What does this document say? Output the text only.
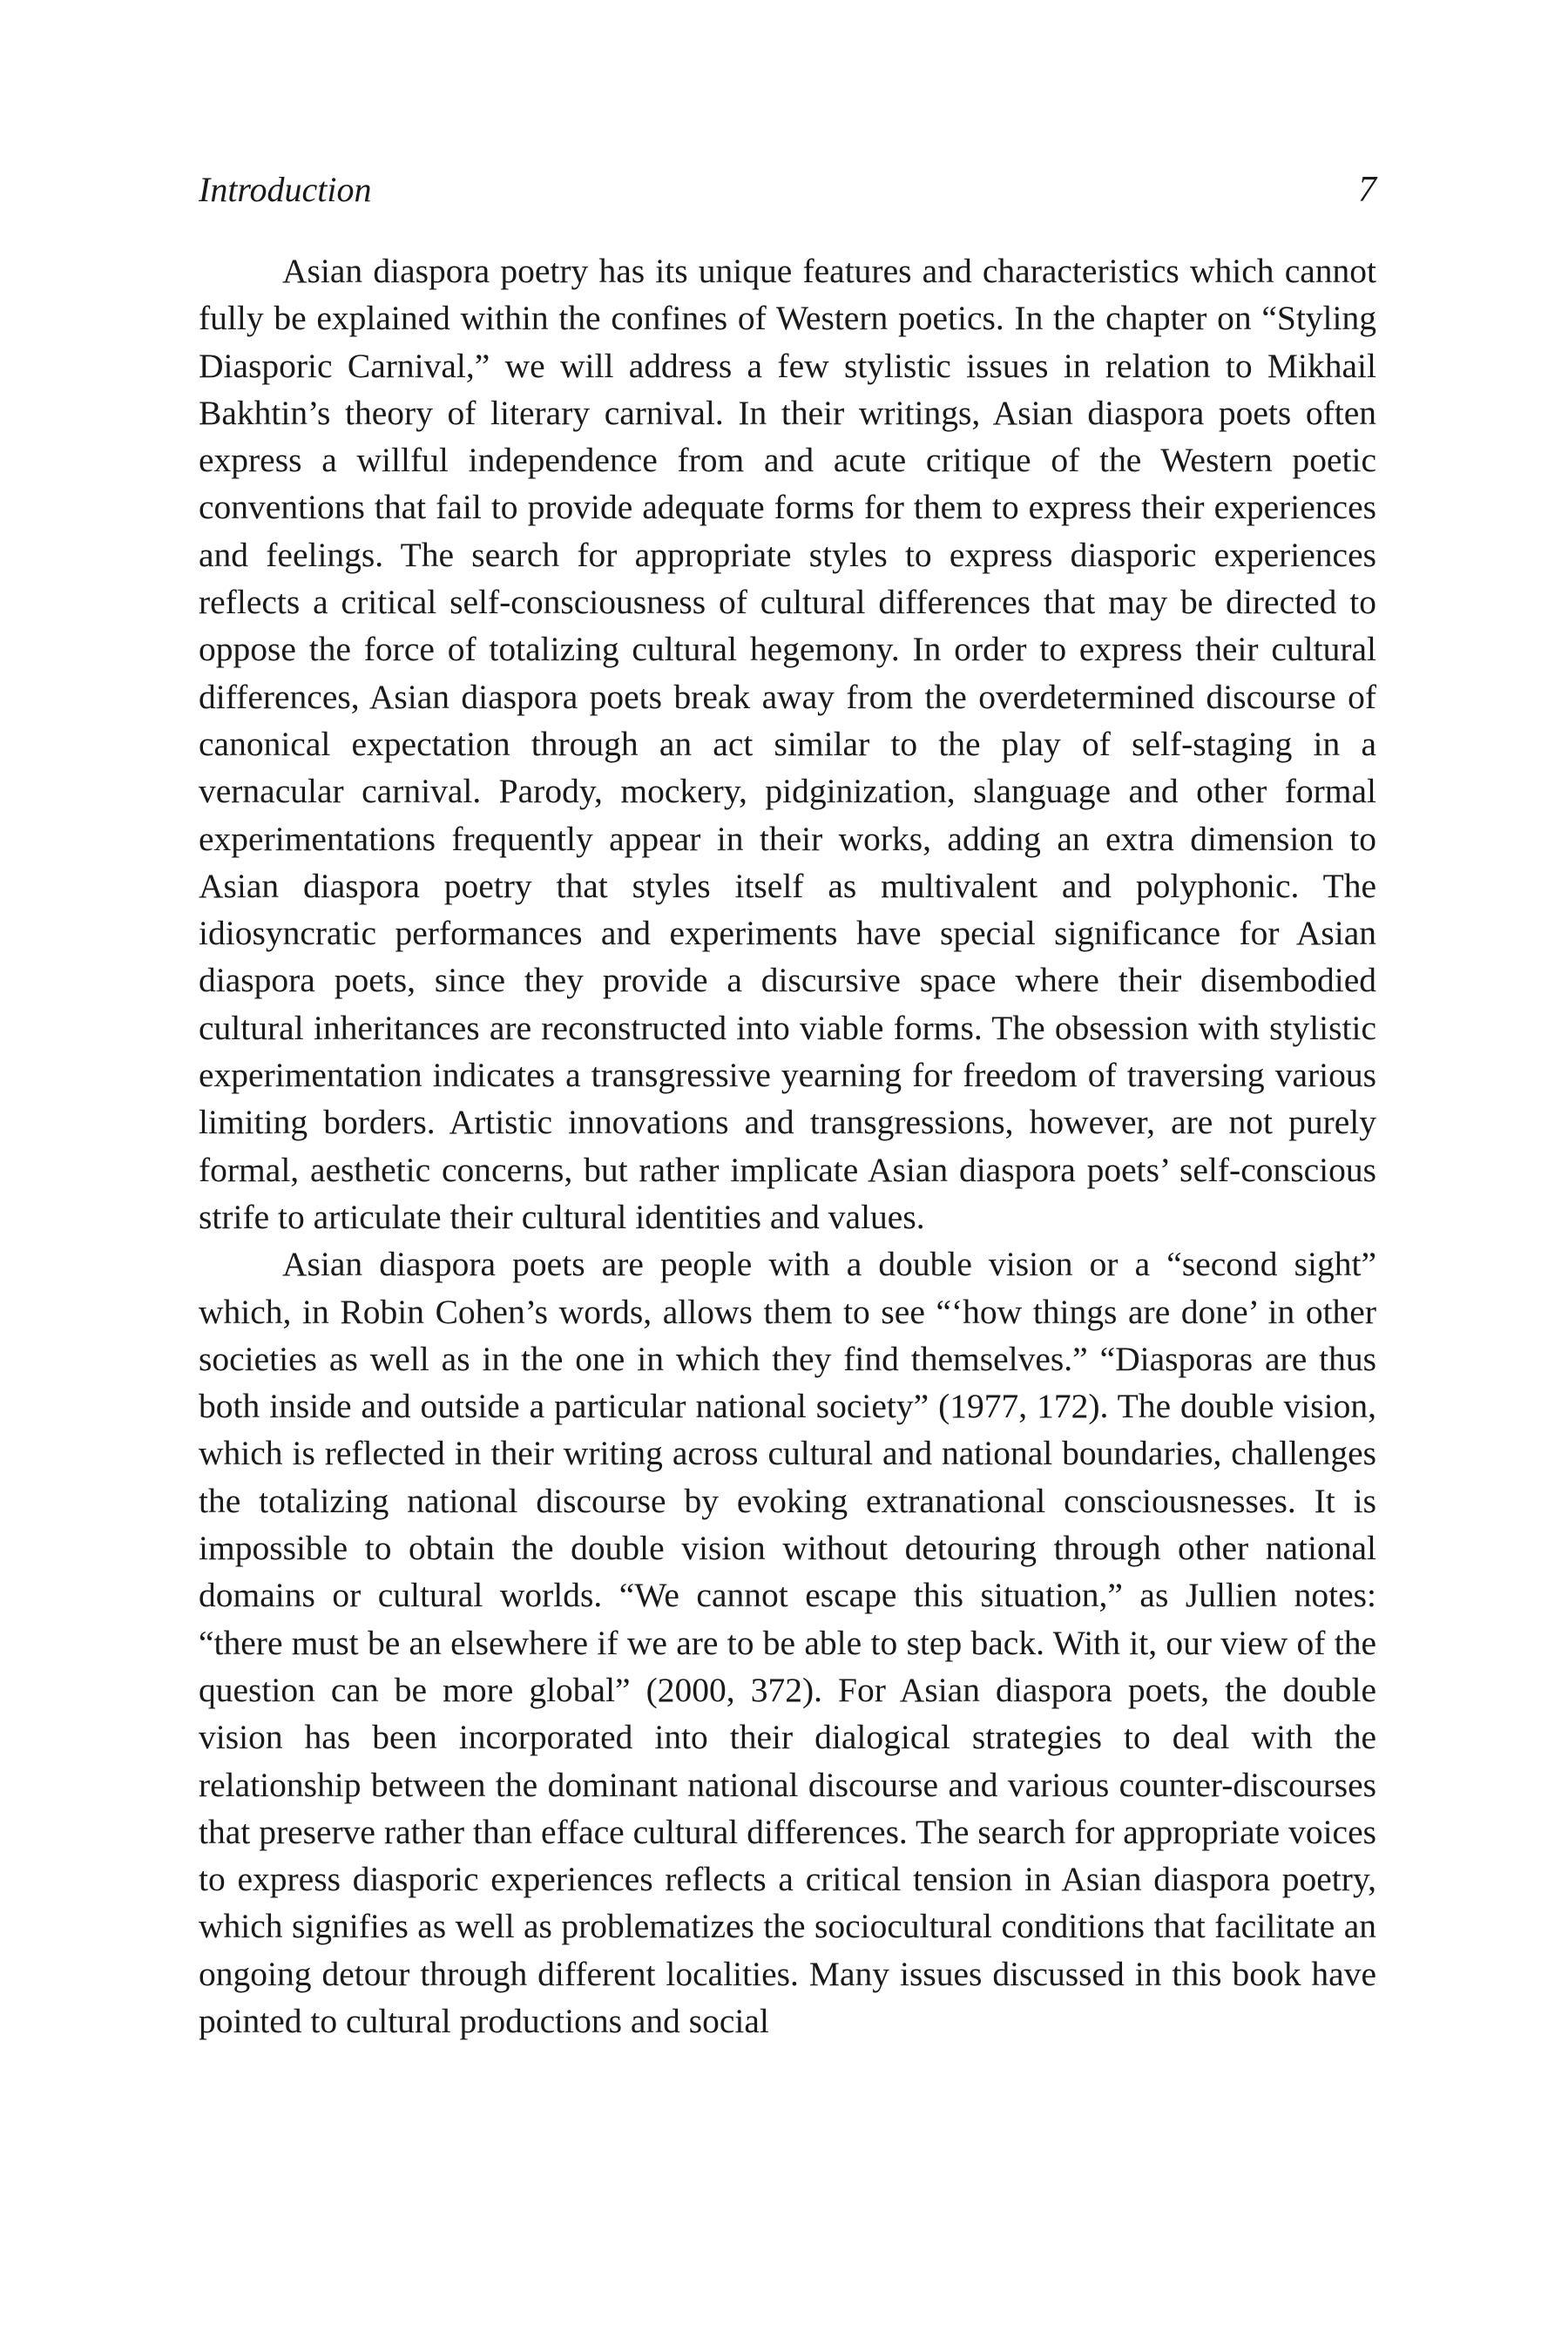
Introduction	7

Asian diaspora poetry has its unique features and characteristics which cannot fully be explained within the confines of Western poetics. In the chapter on “Styling Diasporic Carnival,” we will address a few stylistic issues in relation to Mikhail Bakhtin’s theory of literary carnival. In their writings, Asian diaspora poets often express a willful independence from and acute critique of the Western poetic conventions that fail to provide adequate forms for them to express their experiences and feelings. The search for appropriate styles to express diasporic experiences reflects a critical self-consciousness of cultural differences that may be directed to oppose the force of totalizing cultural hegemony. In order to express their cultural differences, Asian diaspora poets break away from the overdetermined discourse of canonical expectation through an act similar to the play of self-staging in a vernacular carnival. Parody, mockery, pidginization, slanguage and other formal experimentations frequently appear in their works, adding an extra dimension to Asian diaspora poetry that styles itself as multivalent and polyphonic. The idiosyncratic performances and experiments have special significance for Asian diaspora poets, since they provide a discursive space where their disembodied cultural inheritances are reconstructed into viable forms. The obsession with stylistic experimentation indicates a transgressive yearning for freedom of traversing various limiting borders. Artistic innovations and transgressions, however, are not purely formal, aesthetic concerns, but rather implicate Asian diaspora poets’ self-conscious strife to articulate their cultural identities and values.

Asian diaspora poets are people with a double vision or a “second sight” which, in Robin Cohen’s words, allows them to see “‘how things are done’ in other societies as well as in the one in which they find themselves.” “Diasporas are thus both inside and outside a particular national society” (1977, 172). The double vision, which is reflected in their writing across cultural and national boundaries, challenges the totalizing national discourse by evoking extranational consciousnesses. It is impossible to obtain the double vision without detouring through other national domains or cultural worlds. “We cannot escape this situation,” as Jullien notes: “there must be an elsewhere if we are to be able to step back. With it, our view of the question can be more global” (2000, 372). For Asian diaspora poets, the double vision has been incorporated into their dialogical strategies to deal with the relationship between the dominant national discourse and various counter-discourses that preserve rather than efface cultural differences. The search for appropriate voices to express diasporic experiences reflects a critical tension in Asian diaspora poetry, which signifies as well as problematizes the sociocultural conditions that facilitate an ongoing detour through different localities. Many issues discussed in this book have pointed to cultural productions and social
